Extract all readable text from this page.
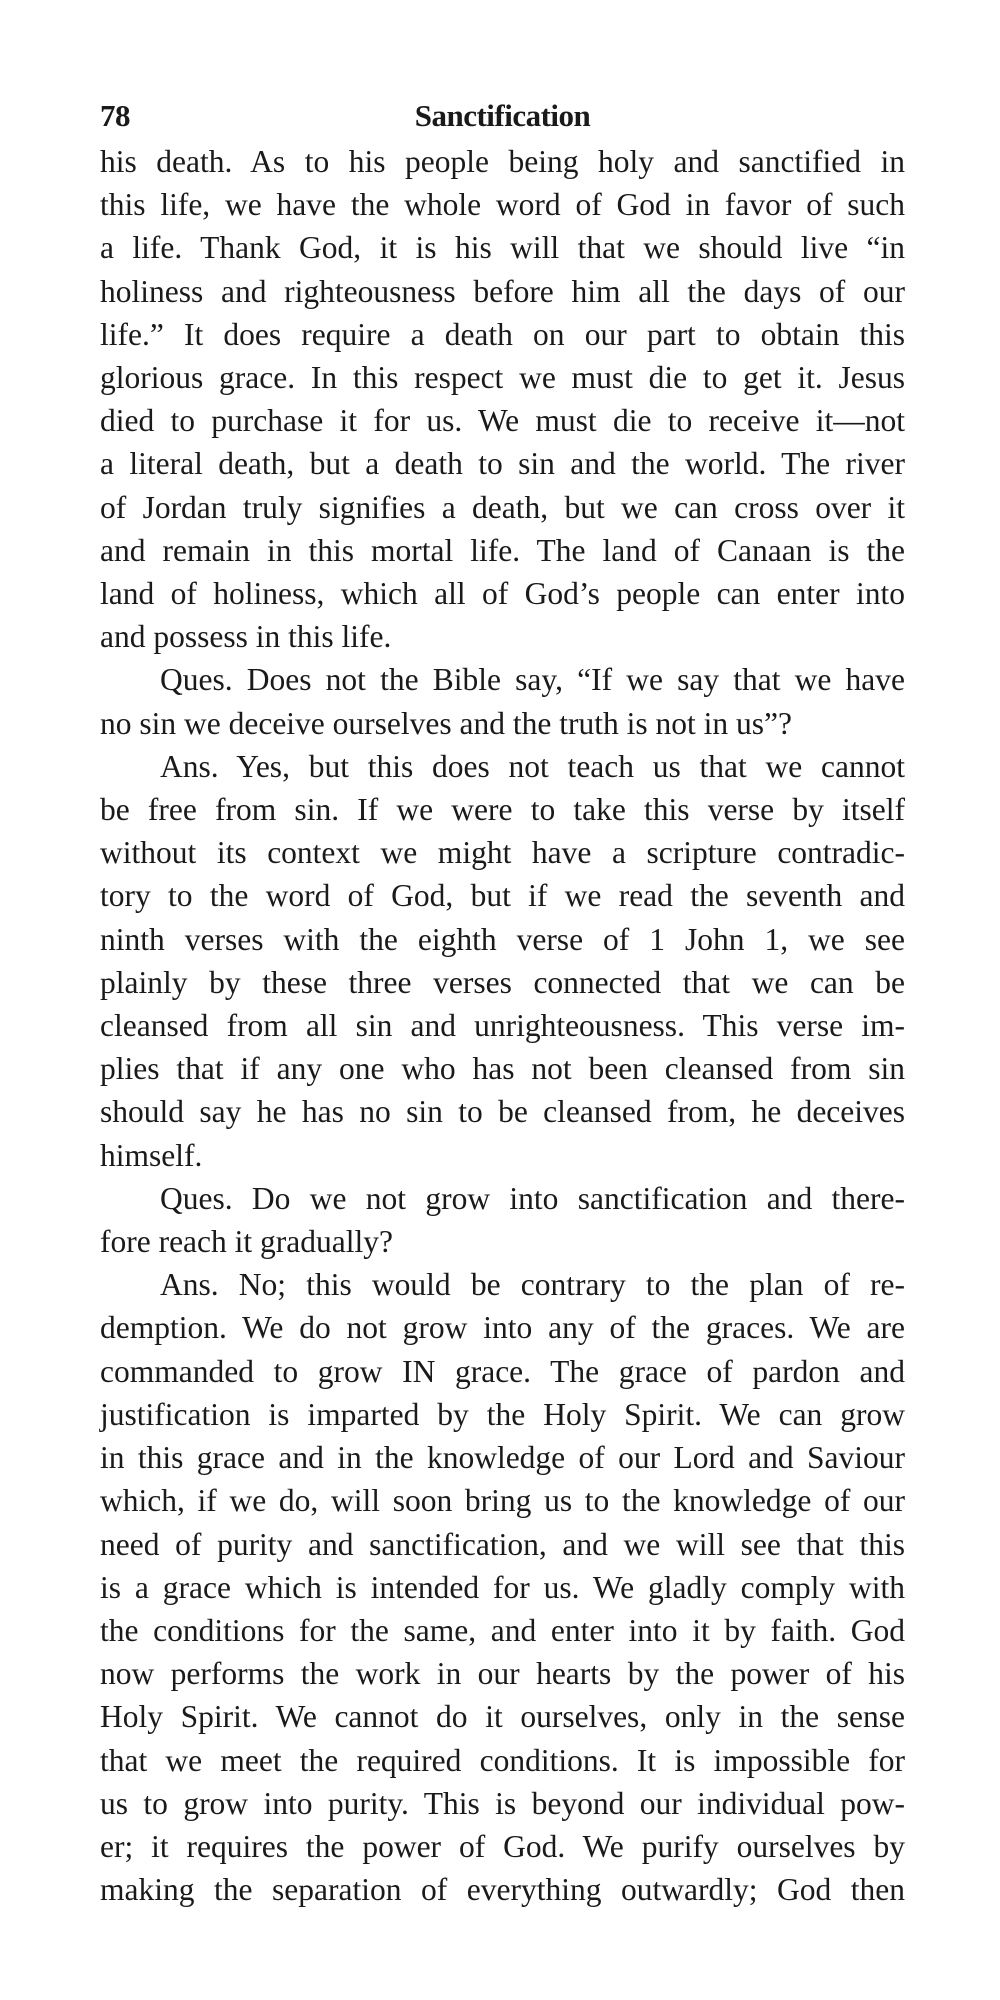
78	Sanctification

his death. As to his people being holy and sanctified in
this life, we have the whole word of God in favor of such
a life. Thank God, it is his will that we should live “in
holiness and righteousness before him all the days of our
life.” It does require a death on our part to obtain this
glorious grace. In this respect we must die to get it. Jesus
died to purchase it for us. We must die to receive it—not
a literal death, but a death to sin and the world. The river
of Jordan truly signifies a death, but we can cross over it
and remain in this mortal life. The land of Canaan is the
land of holiness, which all of God’s people can enter into
and possess in this life.

Ques. Does not the Bible say, “If we say that we have
no sin we deceive ourselves and the truth is not in us”?

Ans. Yes, but this does not teach us that we cannot
be free from sin. If we were to take this verse by itself
without its context we might have a scripture contradic-
tory to the word of God, but if we read the seventh and
ninth verses with the eighth verse of 1 John 1, we see
plainly by these three verses connected that we can be
cleansed from all sin and unrighteousness. This verse im-
plies that if any one who has not been cleansed from sin
should say he has no sin to be cleansed from, he deceives
himself.

Ques. Do we not grow into sanctification and there-
fore reach it gradually?

Ans. No; this would be contrary to the plan of re-
demption. We do not grow into any of the graces. We are
commanded to grow IN grace. The grace of pardon and
justification is imparted by the Holy Spirit. We can grow
in this grace and in the knowledge of our Lord and Saviour
which, if we do, will soon bring us to the knowledge of our
need of purity and sanctification, and we will see that this
is a grace which is intended for us. We gladly comply with
the conditions for the same, and enter into it by faith. God
now performs the work in our hearts by the power of his
Holy Spirit. We cannot do it ourselves, only in the sense
that we meet the required conditions. It is impossible for
us to grow into purity. This is beyond our individual pow-
er; it requires the power of God. We purify ourselves by
making the separation of everything outwardly; God then
